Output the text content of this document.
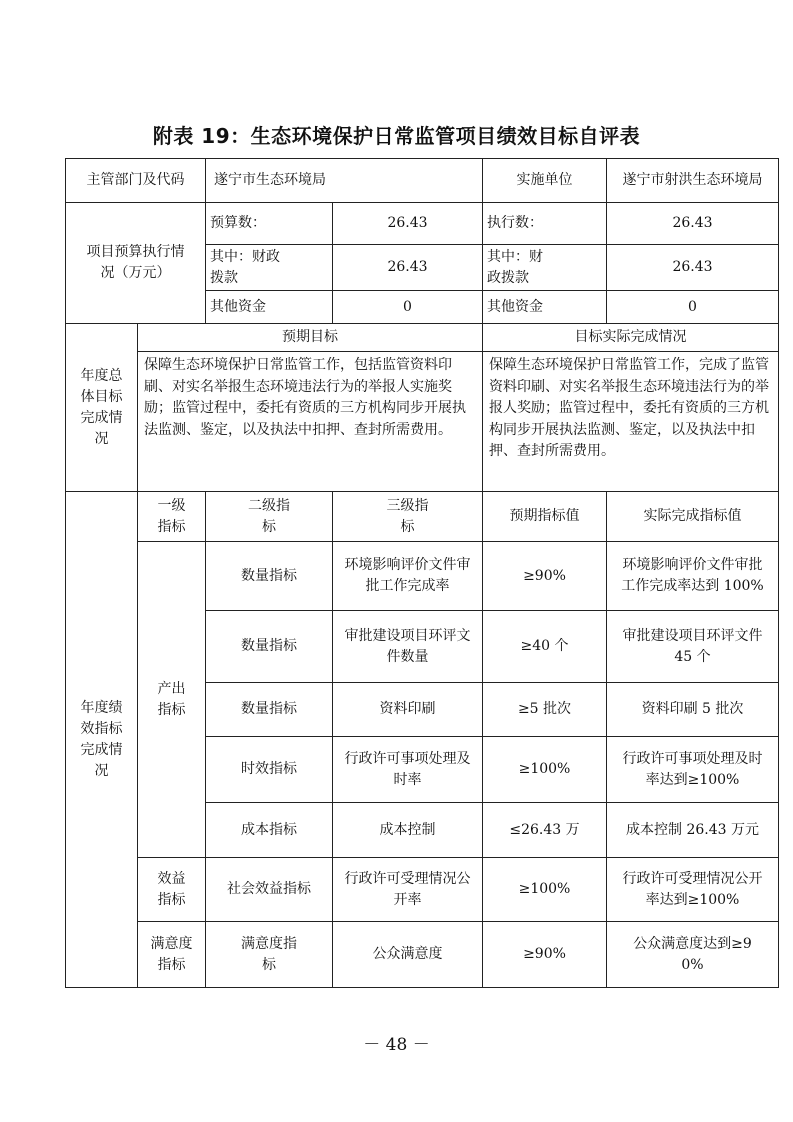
附表 19：生态环境保护日常监管项目绩效目标自评表
主管部门及代码		遂宁市生态环境局		实施单位	遂宁市射洪生态环境局
项目预算执行情况（万元）		预算数：	26.43	执行数：	26.43
		其中：财政拨款	26.43	其中：财政拨款	26.43
		其他资金	0	其他资金	0
年度总体目标完成情况	预期目标			目标实际完成情况	
	保障生态环境保护日常监管工作，包括监管资料印刷、对实名举报生态环境违法行为的举报人实施奖励；监管过程中，委托有资质的三方机构同步开展执法监测、鉴定，以及执法中扣押、查封所需费用。			保障生态环境保护日常监管工作，完成了监管资料印刷、对实名举报生态环境违法行为的举报人奖励；监管过程中，委托有资质的三方机构同步开展执法监测、鉴定，以及执法中扣押、查封所需费用。	
年度绩效指标完成情况	一级指标	二级指标	三级指标	预期指标值	实际完成指标值
	产出指标	数量指标	环境影响评价文件审批工作完成率	≥90%	环境影响评价文件审批工作完成率达到 100%
		数量指标	审批建设项目环评文件数量	≥40 个	审批建设项目环评文件 45 个
		数量指标	资料印刷	≥5 批次	资料印刷 5 批次
		时效指标	行政许可事项处理及时率	≥100%	行政许可事项处理及时率达到≥100%
		成本指标	成本控制	≤26.43 万	成本控制 26.43 万元
	效益指标	社会效益指标	行政许可受理情况公开率	≥100%	行政许可受理情况公开率达到≥100%
	满意度指标	满意度指标	公众满意度	≥90%	公众满意度达到≥90%
－ 48 －
